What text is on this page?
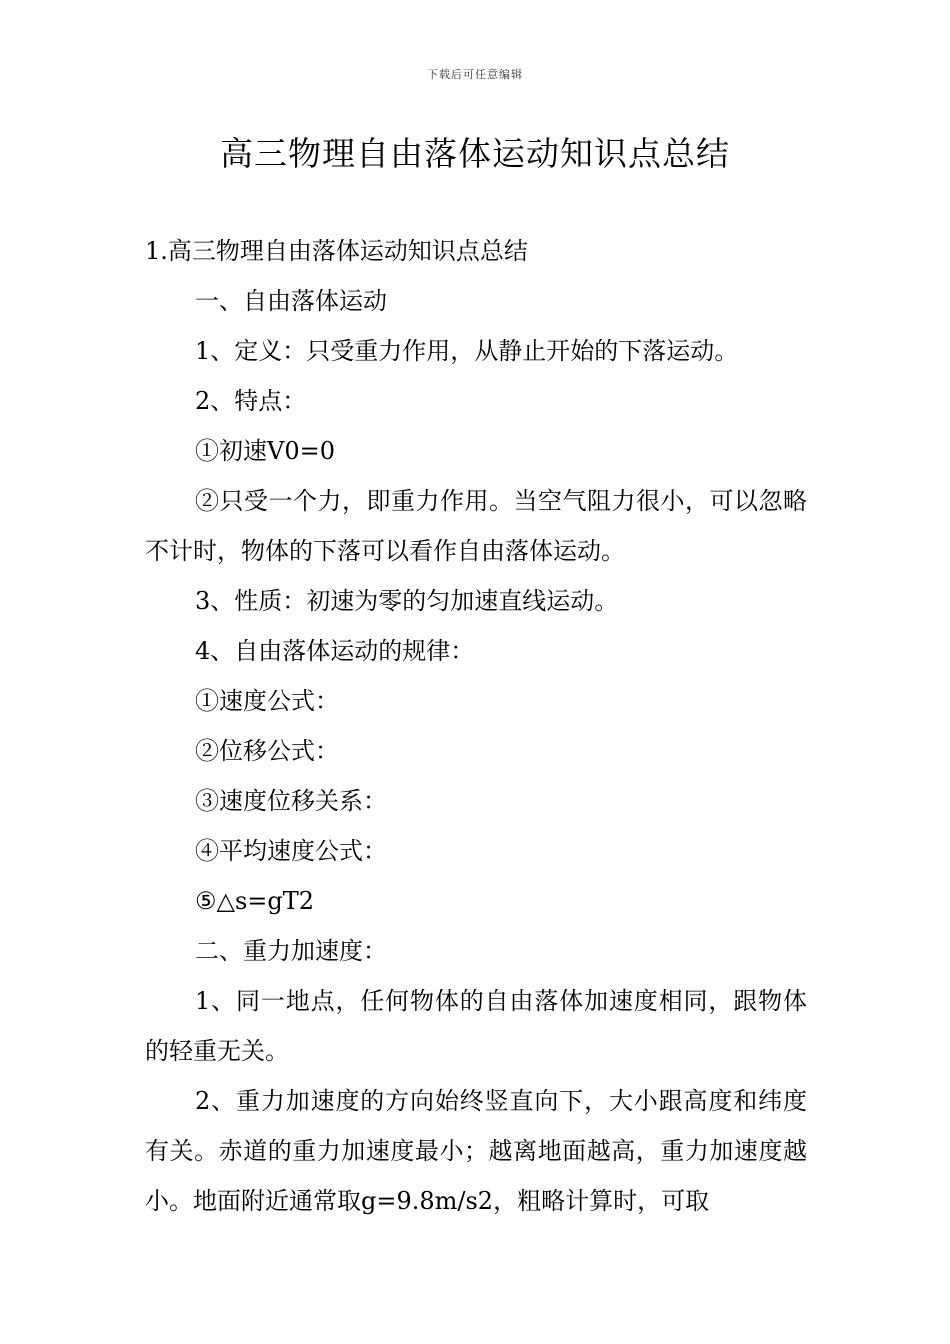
下载后可任意编辑
高三物理自由落体运动知识点总结

1.高三物理自由落体运动知识点总结

一、自由落体运动

1、定义：只受重力作用，从静止开始的下落运动。

2、特点：

①初速V0=0

②只受一个力，即重力作用。当空气阻力很小，可以忽略不计时，物体的下落可以看作自由落体运动。

3、性质：初速为零的匀加速直线运动。

4、自由落体运动的规律：

①速度公式：

②位移公式：

③速度位移关系：

④平均速度公式：

⑤△s=gT2

二、重力加速度：

1、同一地点，任何物体的自由落体加速度相同，跟物体的轻重无关。

2、重力加速度的方向始终竖直向下，大小跟高度和纬度有关。赤道的重力加速度最小；越离地面越高，重力加速度越小。地面附近通常取g=9.8m/s2，粗略计算时，可取
